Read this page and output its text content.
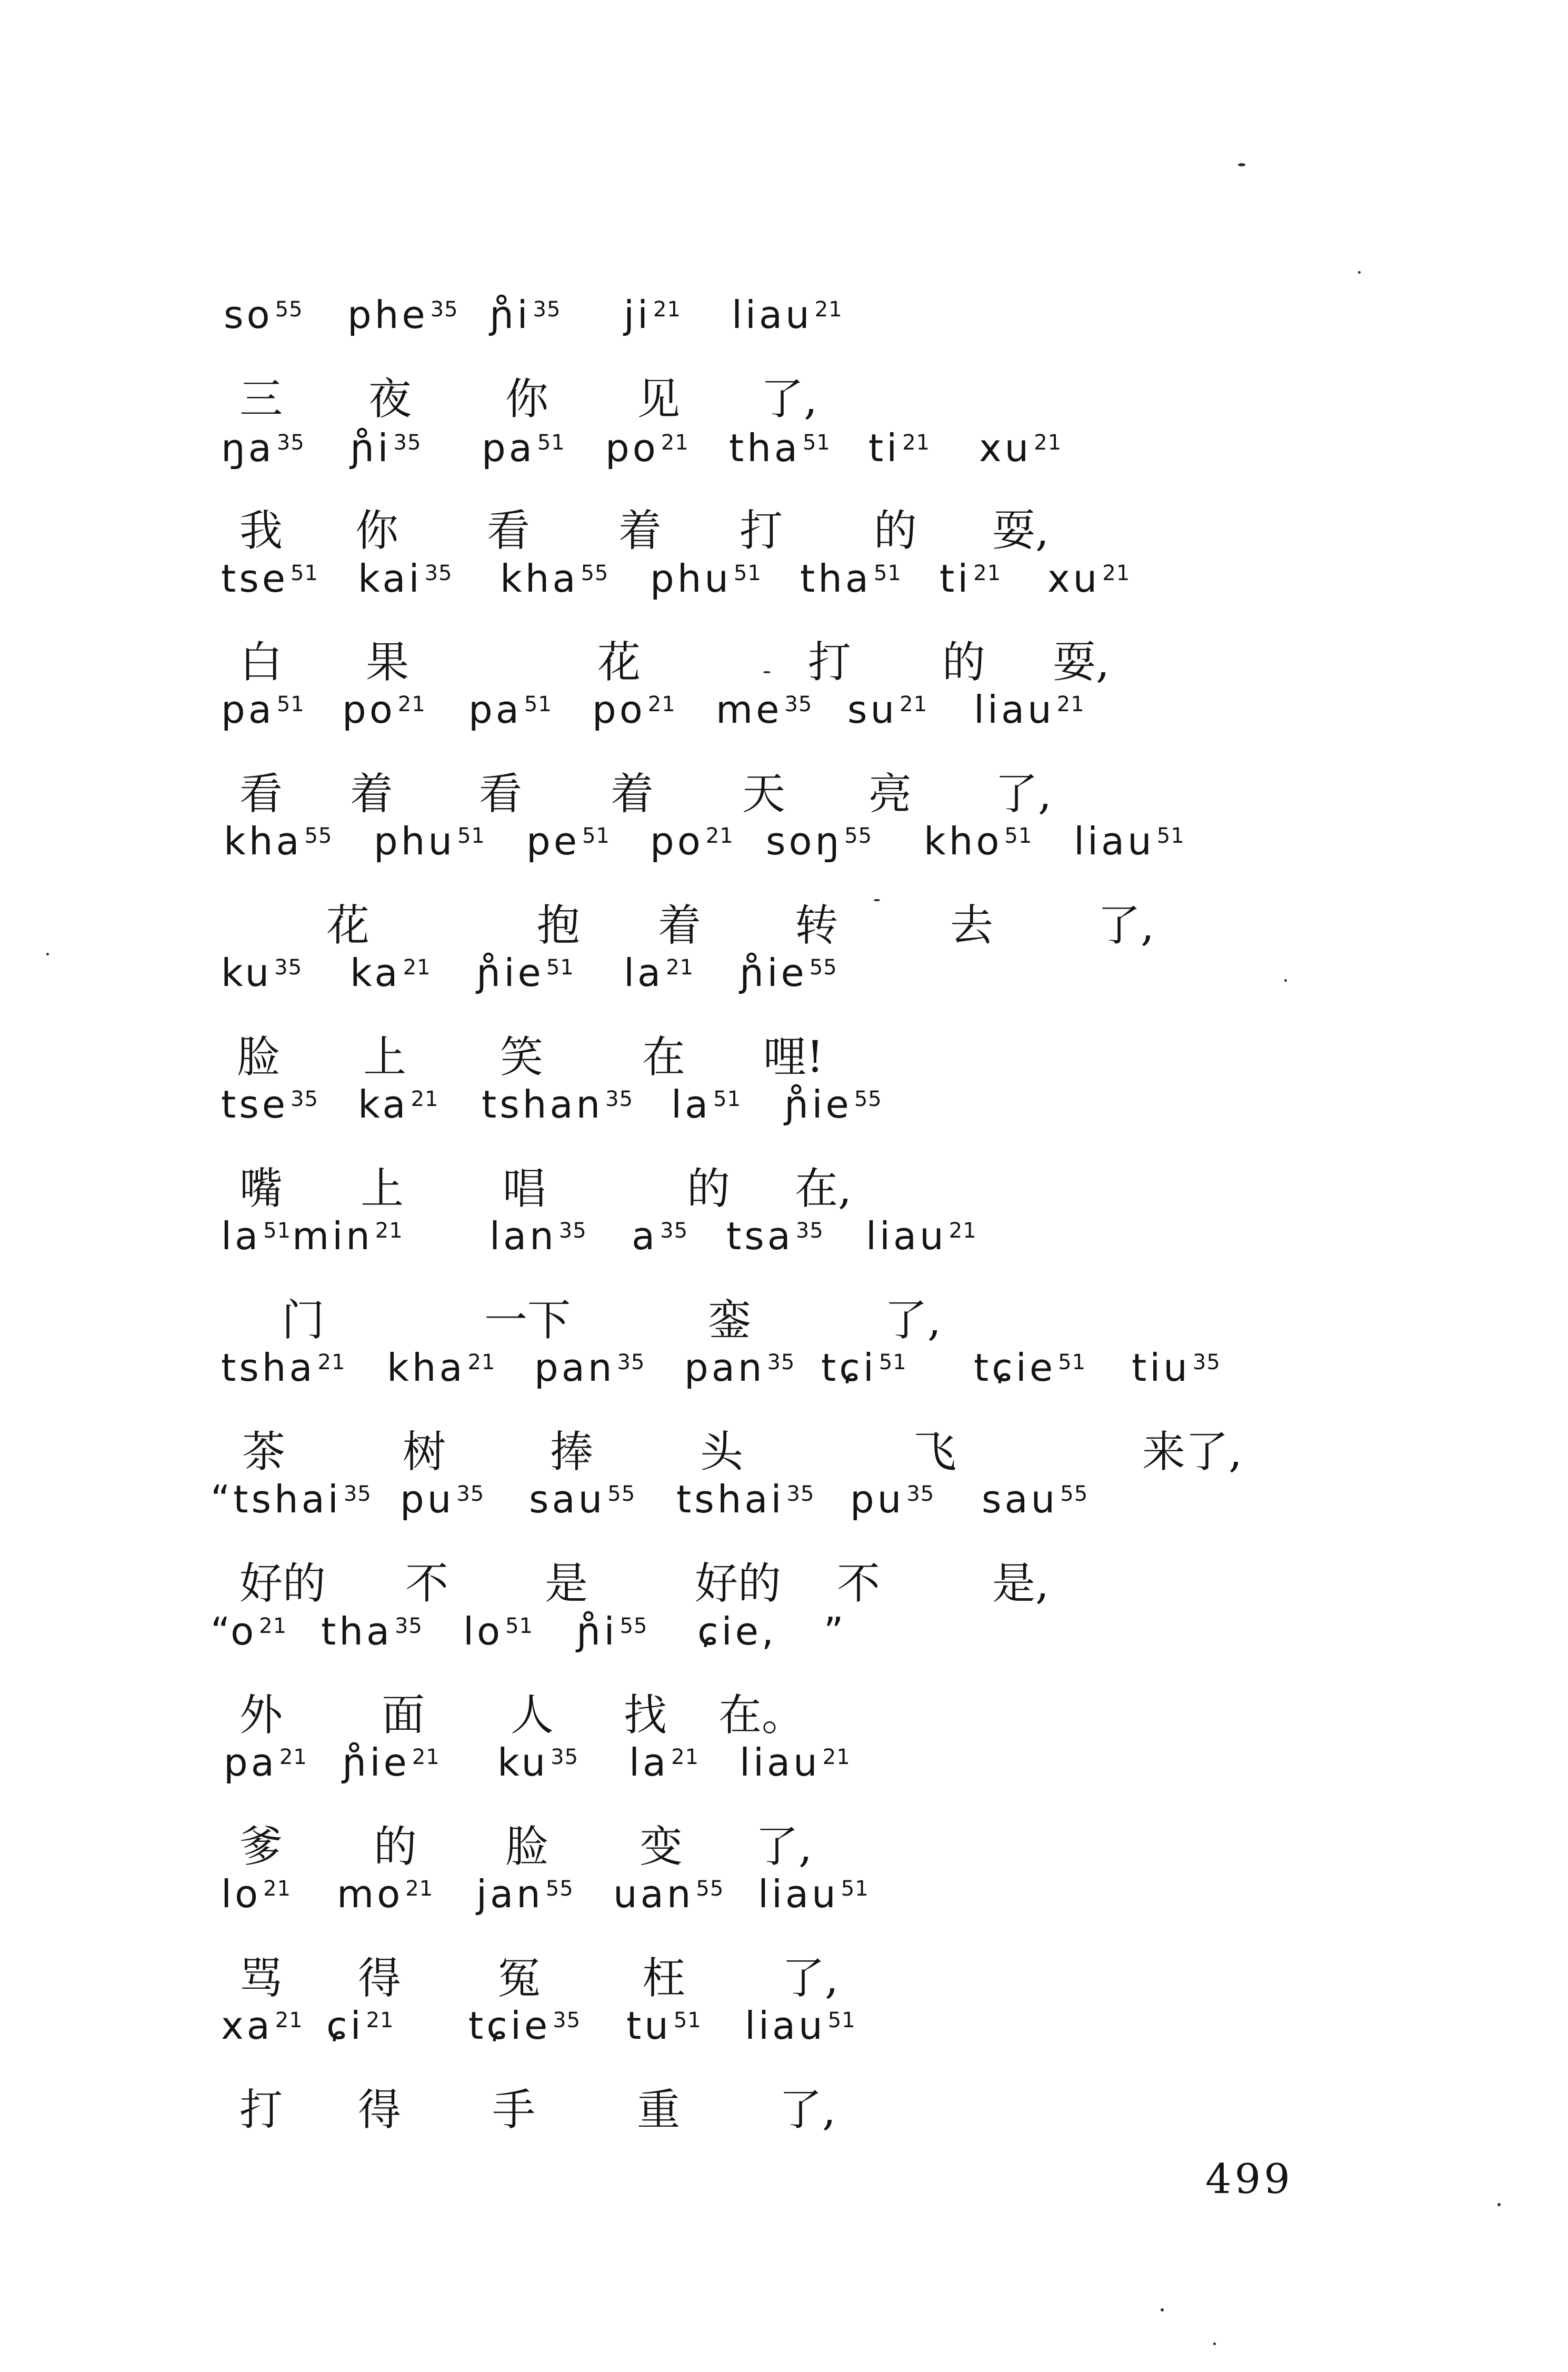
so $^{55}$ phe $^{35}$ ɲ̊i $^{35}$ ji $^{21}$ liau $^{21}$
三 夜 你 见 了,
ŋa $^{35}$ ɲ̊i $^{35}$ pa $^{51}$ po $^{21}$ tha $^{51}$ ti $^{21}$ xu $^{21}$
我 你 看 着 打 的 耍,
tse $^{51}$ kai $^{35}$ kha $^{55}$ phu $^{51}$ tha $^{51}$ ti $^{21}$ xu $^{21}$
白 果	花	打 的 耍,
pa $^{51}$ po $^{21}$ pa $^{51}$ po $^{21}$ me $^{35}$ su $^{21}$ liau $^{21}$
看 着 看 着 天 亮 了,
kha $^{55}$ phu $^{51}$ pe $^{51}$ po $^{21}$ soŋ $^{55}$ kho $^{51}$ liau $^{51}$
花	抱 着 转	去 了,
ku $^{35}$ ka $^{21}$ ɲ̊ie $^{51}$ la $^{21}$ ɲ̊ie $^{55}$
脸 上 笑 在 哩!
tse $^{35}$ ka $^{21}$ tshan $^{35}$ la $^{51}$ ɲ̊ie $^{55}$
嘴 上 唱	的 在,
la $^{51}$ min $^{21}$ lan $^{35}$ a $^{35}$ tsa $^{35}$ liau $^{21}$
门	一下	銮	了,
tsha $^{21}$ kha $^{21}$ pan $^{35}$ pan $^{35}$ tɕi $^{51}$ tɕie $^{51}$ tiu $^{35}$
茶	树 捧 头	飞	来了,
“tshai $^{35}$ pu $^{35}$ sau $^{55}$ tshai $^{35}$ pu $^{35}$ sau $^{55}$
好的 不 是 好的 不	是,
“o $^{21}$ tha $^{35}$ lo $^{51}$ ɲ̊i $^{55}$ ɕie, ”
外 面 人 找 在。
pa $^{21}$ ɲ̊ie $^{21}$ ku $^{35}$ la $^{21}$ liau $^{21}$
爹 的 脸 变 了,
lo $^{21}$ mo $^{21}$ jan $^{55}$ uan $^{55}$ liau $^{51}$
骂 得 冤 枉 了,
xa $^{21}$ ɕi $^{21}$ tɕie $^{35}$ tu $^{51}$ liau $^{51}$
打 得 手 重 了,
499
